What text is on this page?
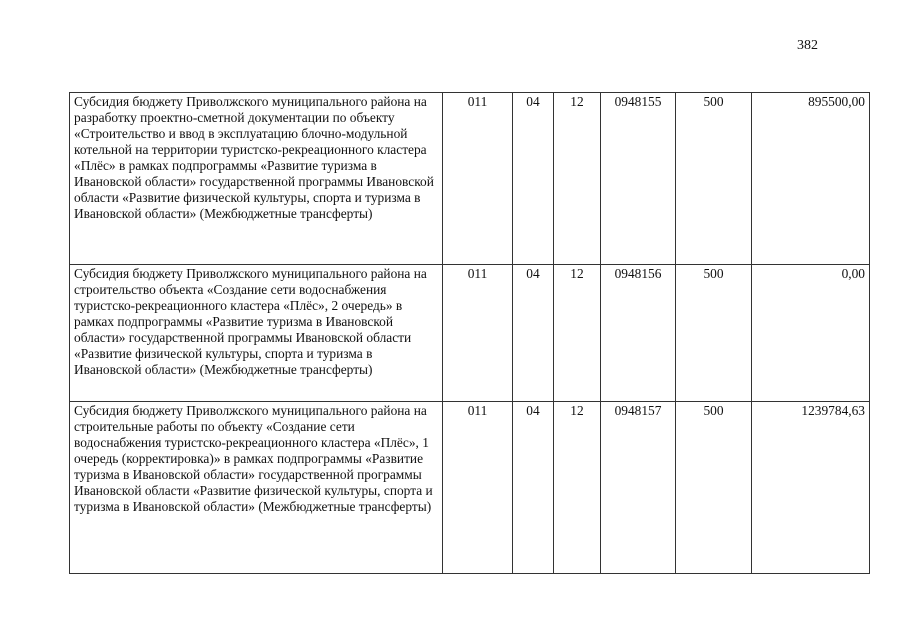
382
Субсидия бюджету Приволжского муниципального района на разработку проектно-сметной документации по объекту «Строительство и ввод в эксплуатацию блочно-модульной котельной на территории туристско-рекреационного кластера «Плёс» в рамках подпрограммы «Развитие туризма в Ивановской области» государственной программы Ивановской области «Развитие физической культуры, спорта и туризма в Ивановской области» (Межбюджетные трансферты)	011	04	12	0948155	500	895500,00
Субсидия бюджету Приволжского муниципального района на строительство объекта «Создание сети водоснабжения туристско-рекреационного кластера «Плёс», 2 очередь» в рамках подпрограммы «Развитие туризма в Ивановской области» государственной программы Ивановской области «Развитие физической культуры, спорта и туризма в Ивановской области» (Межбюджетные трансферты)	011	04	12	0948156	500	0,00
Субсидия бюджету Приволжского муниципального района на строительные работы по объекту «Создание сети водоснабжения туристско-рекреационного кластера «Плёс», 1 очередь (корректировка)» в рамках подпрограммы «Развитие туризма в Ивановской области» государственной программы Ивановской области «Развитие физической культуры, спорта и туризма в Ивановской области» (Межбюджетные трансферты)	011	04	12	0948157	500	1239784,63
